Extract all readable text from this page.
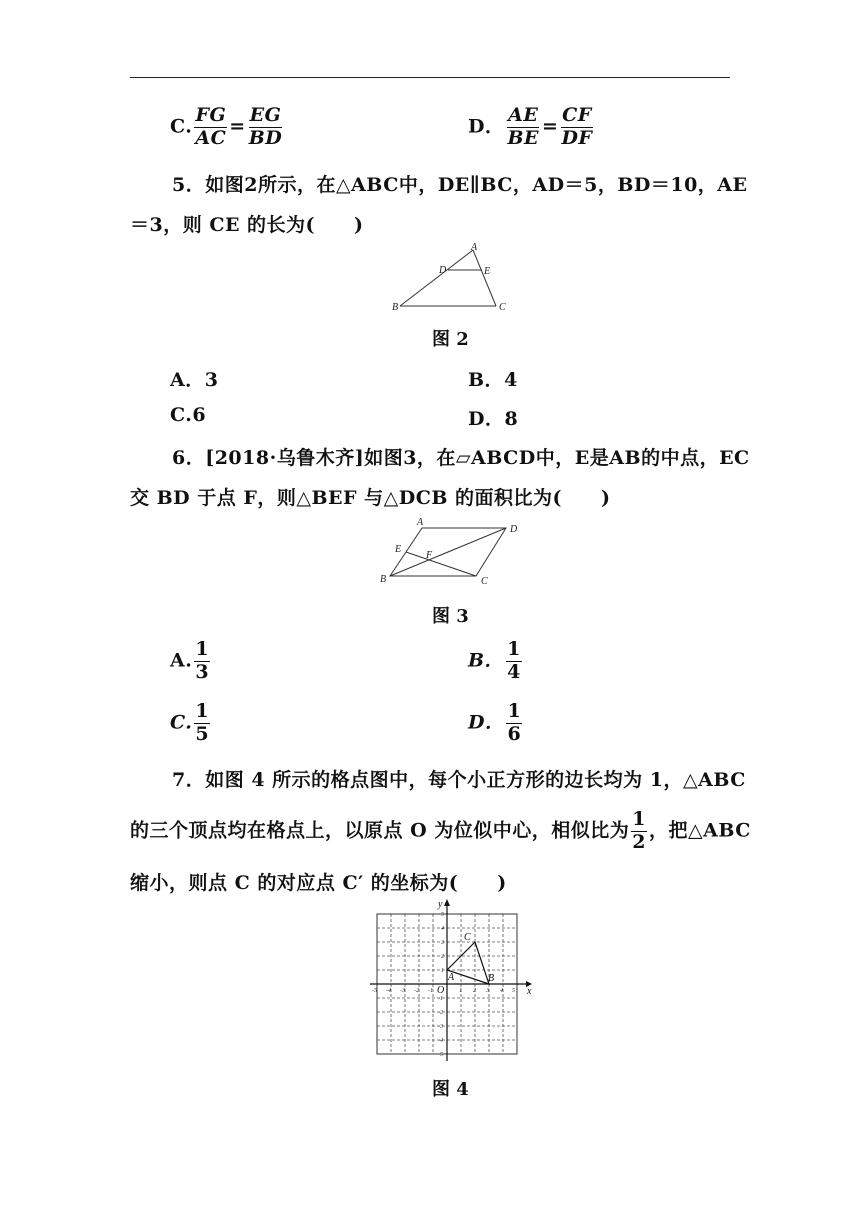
C. $\frac{FG}{AC} = \frac{EG}{BD}$	D． $\frac{AE}{BE} = \frac{CF}{DF}$
5．如图2所示，在△ABC中，DE∥BC，AD＝5，BD＝10，AE
＝3，则 CE 的长为(　　)
A
D	E
B	C
图 2
A．3	B．4
C.6	D．8
6．[2018·乌鲁木齐]如图3，在▱ABCD中，E是AB的中点，EC
交 BD 于点 F，则△BEF 与△DCB 的面积比为(　　)
A
D
E
F
B	C
图 3
A. $\frac{1}{3}$	B． $\frac{1}{4}$
C. $\frac{1}{5}$	D． $\frac{1}{6}$
7．如图 4 所示的格点图中，每个小正方形的边长均为 1，△ABC
的三个顶点均在格点上，以原点 O 为位似中心，相似比为 $\frac{1}{2}$ ，把△ABC
缩小，则点 C 的对应点 C′ 的坐标为(　　)
-5 -4 -3 -2 -1	1 2 3 4 5
5
4
3
2
1
-1
-2
-3
-4
-5
x
y
O
A	B
C
图 4
